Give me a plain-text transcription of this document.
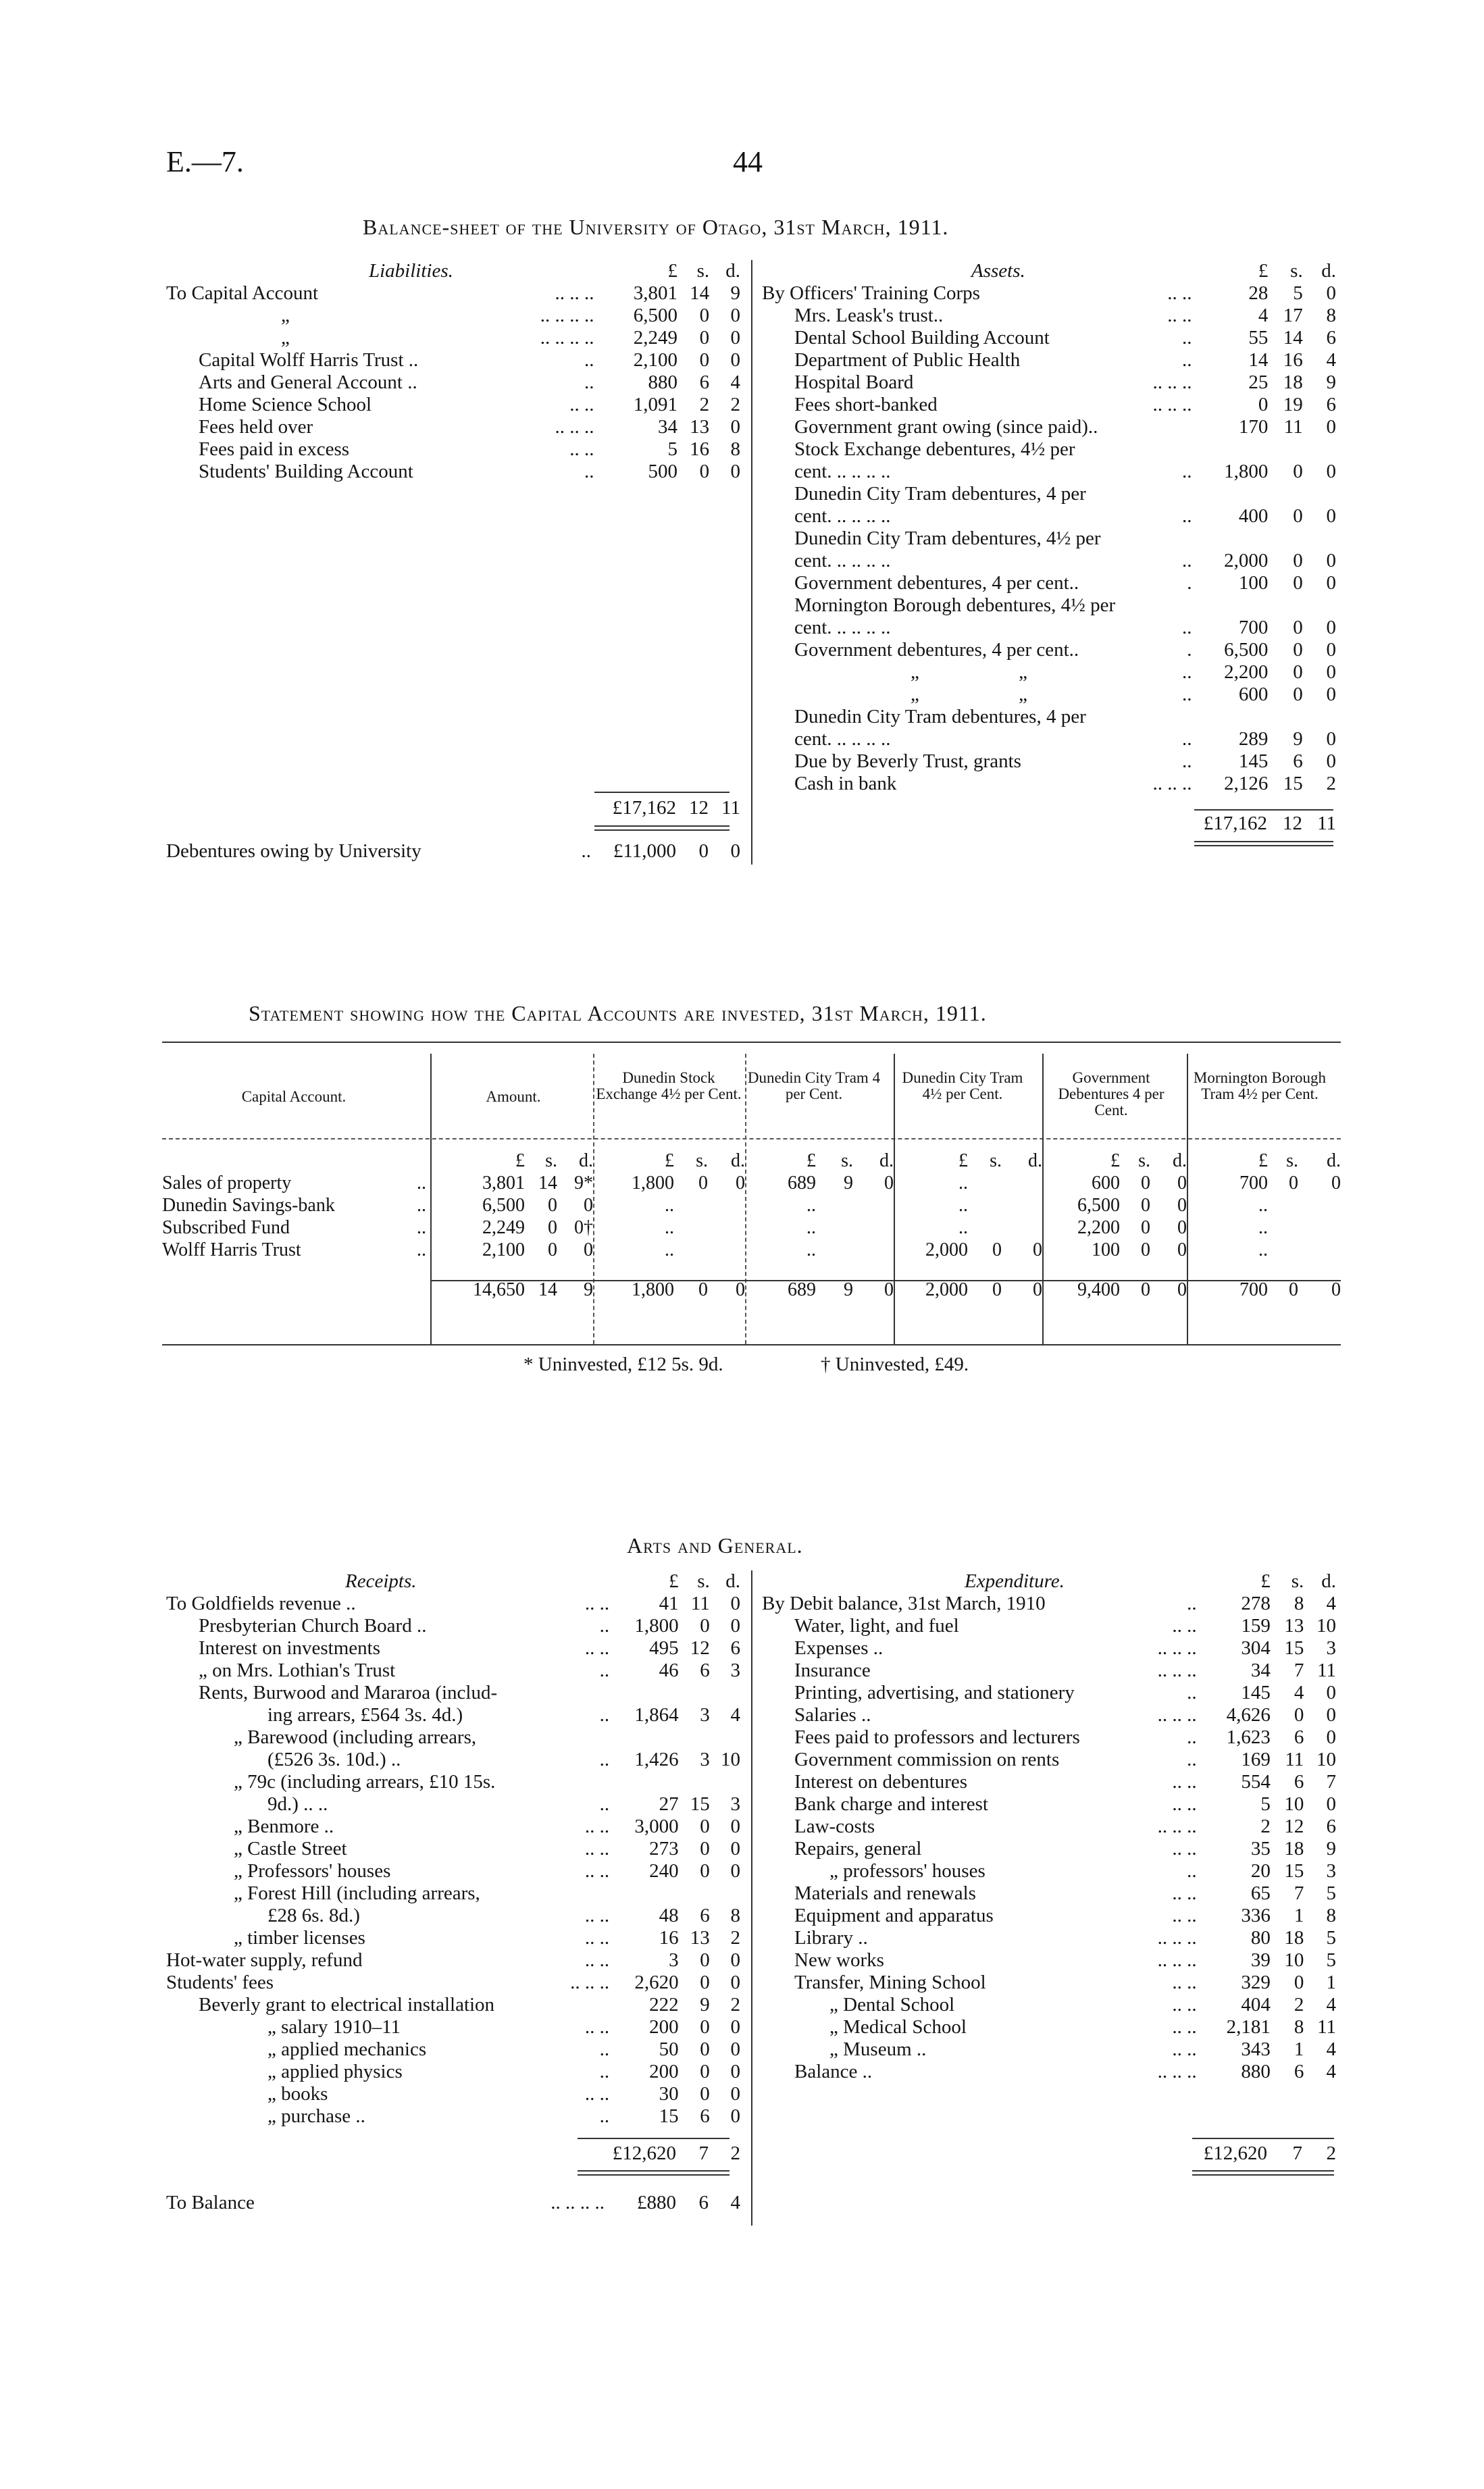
E.—7.	44
Balance-sheet of the University of Otago, 31st March, 1911.
Liabilities.		£	s.	d.
To Capital Account	.. .. ..	3,801	14	9
„	.. .. .. ..	6,500	0	0
„	.. .. .. ..	2,249	0	0
Capital Wolff Harris Trust ..	..	2,100	0	0
Arts and General Account ..	..	880	6	4
Home Science School	.. ..	1,091	2	2
Fees held over	.. .. ..	34	13	0
Fees paid in excess	.. ..	5	16	8
Students' Building Account	..	500	0	0
		£17,162	12	11
Debentures owing by University	..	£11,000	0	0
Assets.		£	s.	d.
By Officers' Training Corps	.. ..	28	5	0
Mrs. Leask's trust..	.. ..	4	17	8
Dental School Building Account	..	55	14	6
Department of Public Health	..	14	16	4
Hospital Board	.. .. ..	25	18	9
Fees short-banked	.. .. ..	0	19	6
Government grant owing (since paid)..		170	11	0
Stock Exchange debentures, 4½ per				
cent. .. .. .. ..	..	1,800	0	0
Dunedin City Tram debentures, 4 per				
cent. .. .. .. ..	..	400	0	0
Dunedin City Tram debentures, 4½ per				
cent. .. .. .. ..	..	2,000	0	0
Government debentures, 4 per cent..	.	100	0	0
Mornington Borough debentures, 4½ per				
cent. .. .. .. ..	..	700	0	0
Government debentures, 4 per cent..	.	6,500	0	0
„ „	..	2,200	0	0
„ „	..	600	0	0
Dunedin City Tram debentures, 4 per				
cent. .. .. .. ..	..	289	9	0
Due by Beverly Trust, grants	..	145	6	0
Cash in bank	.. .. ..	2,126	15	2
		£17,162	12	11
Statement showing how the Capital Accounts are invested, 31st March, 1911.
Capital Account.	Amount.
Dunedin Stock Exchange 4½ per Cent.
Dunedin City Tram 4 per Cent.
Dunedin City Tram 4½ per Cent.
Government Debentures 4 per Cent.
Mornington Borough Tram 4½ per Cent.
		£	s.	d.	£	s.	d.	£	s.	d.	£	s.	d.	£	s.	d.	£	s.	d.
Sales of property	..	3,801	14	9*	1,800	0	0	689	9	0	..			600	0	0	700	0	0
Dunedin Savings-bank	..	6,500	0	0	..			..			..			6,500	0	0	..		
Subscribed Fund	..	2,249	0	0†	..			..			..			2,200	0	0	..		
Wolff Harris Trust	..	2,100	0	0	..			..			2,000	0	0	100	0	0	..		

		14,650	14	9	1,800	0	0	689	9	0	2,000	0	0	9,400	0	0	700	0	0
* Uninvested, £12 5s. 9d.	† Uninvested, £49.
Arts and General.
Receipts.		£	s.	d.
To Goldfields revenue ..	.. ..	41	11	0
Presbyterian Church Board ..	..	1,800	0	0
Interest on investments	.. ..	495	12	6
„ on Mrs. Lothian's Trust	..	46	6	3
Rents, Burwood and Mararoa (includ-				
ing arrears, £564 3s. 4d.)	..	1,864	3	4
„ Barewood (including arrears,				
(£526 3s. 10d.) ..	..	1,426	3	10
„ 79c (including arrears, £10 15s.				
9d.) .. ..	..	27	15	3
„ Benmore ..	.. ..	3,000	0	0
„ Castle Street	.. ..	273	0	0
„ Professors' houses	.. ..	240	0	0
„ Forest Hill (including arrears,				
£28 6s. 8d.)	.. ..	48	6	8
„ timber licenses	.. ..	16	13	2
Hot-water supply, refund	.. ..	3	0	0
Students' fees	.. .. ..	2,620	0	0
Beverly grant to electrical installation		222	9	2
„ salary 1910–11	.. ..	200	0	0
„ applied mechanics	..	50	0	0
„ applied physics	..	200	0	0
„ books	.. ..	30	0	0
„ purchase ..	..	15	6	0
		£12,620	7	2
To Balance	.. .. .. ..	£880	6	4
Expenditure.		£	s.	d.
By Debit balance, 31st March, 1910	..	278	8	4
Water, light, and fuel	.. ..	159	13	10
Expenses ..	.. .. ..	304	15	3
Insurance	.. .. ..	34	7	11
Printing, advertising, and stationery	..	145	4	0
Salaries ..	.. .. ..	4,626	0	0
Fees paid to professors and lecturers	..	1,623	6	0
Government commission on rents	..	169	11	10
Interest on debentures	.. ..	554	6	7
Bank charge and interest	.. ..	5	10	0
Law-costs	.. .. ..	2	12	6
Repairs, general	.. ..	35	18	9
„ professors' houses	..	20	15	3
Materials and renewals	.. ..	65	7	5
Equipment and apparatus	.. ..	336	1	8
Library ..	.. .. ..	80	18	5
New works	.. .. ..	39	10	5
Transfer, Mining School	.. ..	329	0	1
„ Dental School	.. ..	404	2	4
„ Medical School	.. ..	2,181	8	11
„ Museum ..	.. ..	343	1	4
Balance ..	.. .. ..	880	6	4
		£12,620	7	2
